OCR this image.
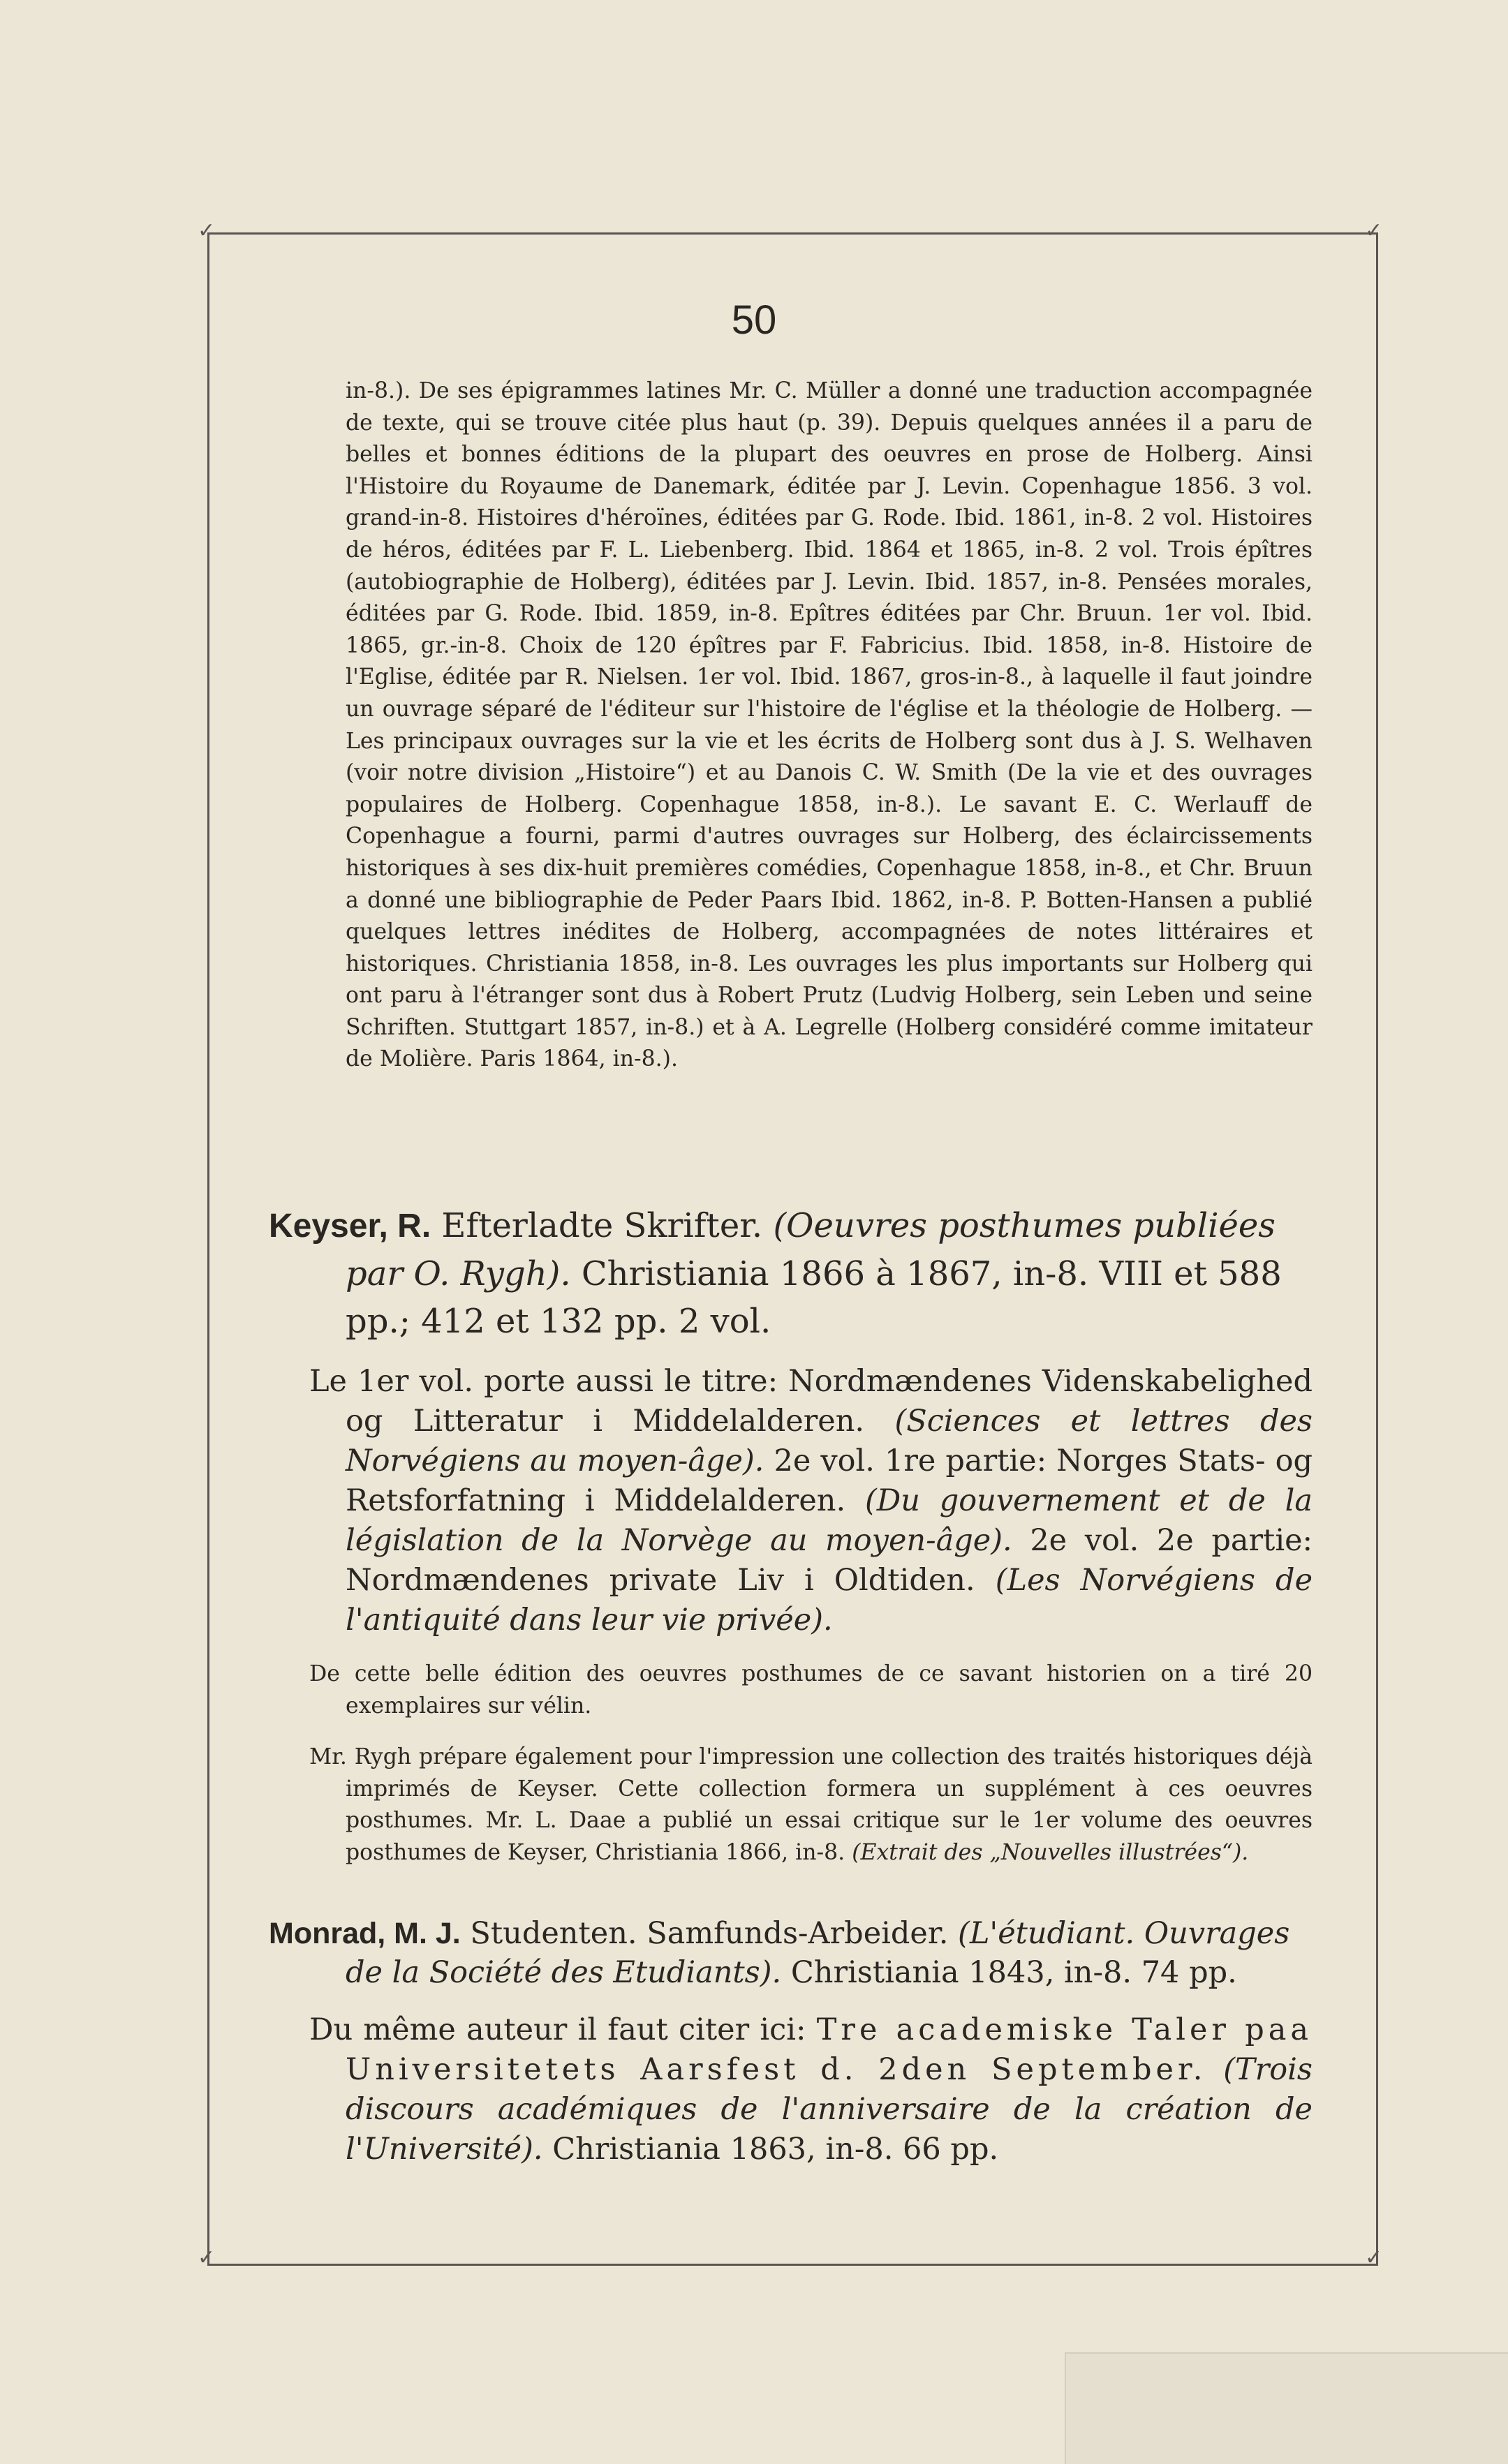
✓	✓
✓	✓
50

in-8.). De ses épigrammes latines Mr. C. Müller a donné une traduction accompagnée de texte, qui se trouve citée plus haut (p. 39). Depuis quelques années il a paru de belles et bonnes éditions de la plupart des oeuvres en prose de Holberg. Ainsi l'Histoire du Royaume de Danemark, éditée par J. Levin. Copenhague 1856. 3 vol. grand-in-8. Histoires d'héroïnes, éditées par G. Rode. Ibid. 1861, in-8. 2 vol. Histoires de héros, éditées par F. L. Liebenberg. Ibid. 1864 et 1865, in-8. 2 vol. Trois épîtres (autobiographie de Holberg), éditées par J. Levin. Ibid. 1857, in-8. Pensées morales, éditées par G. Rode. Ibid. 1859, in-8. Epîtres éditées par Chr. Bruun. 1er vol. Ibid. 1865, gr.-in-8. Choix de 120 épîtres par F. Fabricius. Ibid. 1858, in-8. Histoire de l'Eglise, éditée par R. Nielsen. 1er vol. Ibid. 1867, gros-in-8., à laquelle il faut joindre un ouvrage séparé de l'éditeur sur l'histoire de l'église et la théologie de Holberg. — Les principaux ouvrages sur la vie et les écrits de Holberg sont dus à J. S. Welhaven (voir notre division „Histoire“) et au Danois C. W. Smith (De la vie et des ouvrages populaires de Holberg. Copenhague 1858, in-8.). Le savant E. C. Werlauff de Copenhague a fourni, parmi d'autres ouvrages sur Holberg, des éclaircissements historiques à ses dix-huit premières comédies, Copenhague 1858, in-8., et Chr. Bruun a donné une bibliographie de Peder Paars Ibid. 1862, in-8. P. Botten-Hansen a publié quelques lettres inédites de Holberg, accompagnées de notes littéraires et historiques. Christiania 1858, in-8. Les ouvrages les plus importants sur Holberg qui ont paru à l'étranger sont dus à Robert Prutz (Ludvig Holberg, sein Leben und seine Schriften. Stuttgart 1857, in-8.) et à A. Legrelle (Holberg considéré comme imitateur de Molière. Paris 1864, in-8.).

Keyser, R. Efterladte Skrifter. (Oeuvres posthumes publiées par O. Rygh). Christiania 1866 à 1867, in-8. VIII et 588 pp.; 412 et 132 pp. 2 vol.

Le 1er vol. porte aussi le titre: Nordmændenes Videnskabelighed og Litteratur i Middelalderen. (Sciences et lettres des Norvégiens au moyen-âge). 2e vol. 1re partie: Norges Stats- og Retsforfatning i Middelalderen. (Du gouvernement et de la législation de la Norvège au moyen-âge). 2e vol. 2e partie: Nordmændenes private Liv i Oldtiden. (Les Norvégiens de l'antiquité dans leur vie privée).

De cette belle édition des oeuvres posthumes de ce savant historien on a tiré 20 exemplaires sur vélin.

Mr. Rygh prépare également pour l'impression une collection des traités historiques déjà imprimés de Keyser. Cette collection formera un supplément à ces oeuvres posthumes. Mr. L. Daae a publié un essai critique sur le 1er volume des oeuvres posthumes de Keyser, Christiania 1866, in-8. (Extrait des „Nouvelles illustrées“).

Monrad, M. J. Studenten. Samfunds-Arbeider. (L'étudiant. Ouvrages de la Société des Etudiants). Christiania 1843, in-8. 74 pp.

Du même auteur il faut citer ici: Tre academiske Taler paa Universitetets Aarsfest d. 2den September. (Trois discours académiques de l'anniversaire de la création de l'Université). Christiania 1863, in-8. 66 pp.
